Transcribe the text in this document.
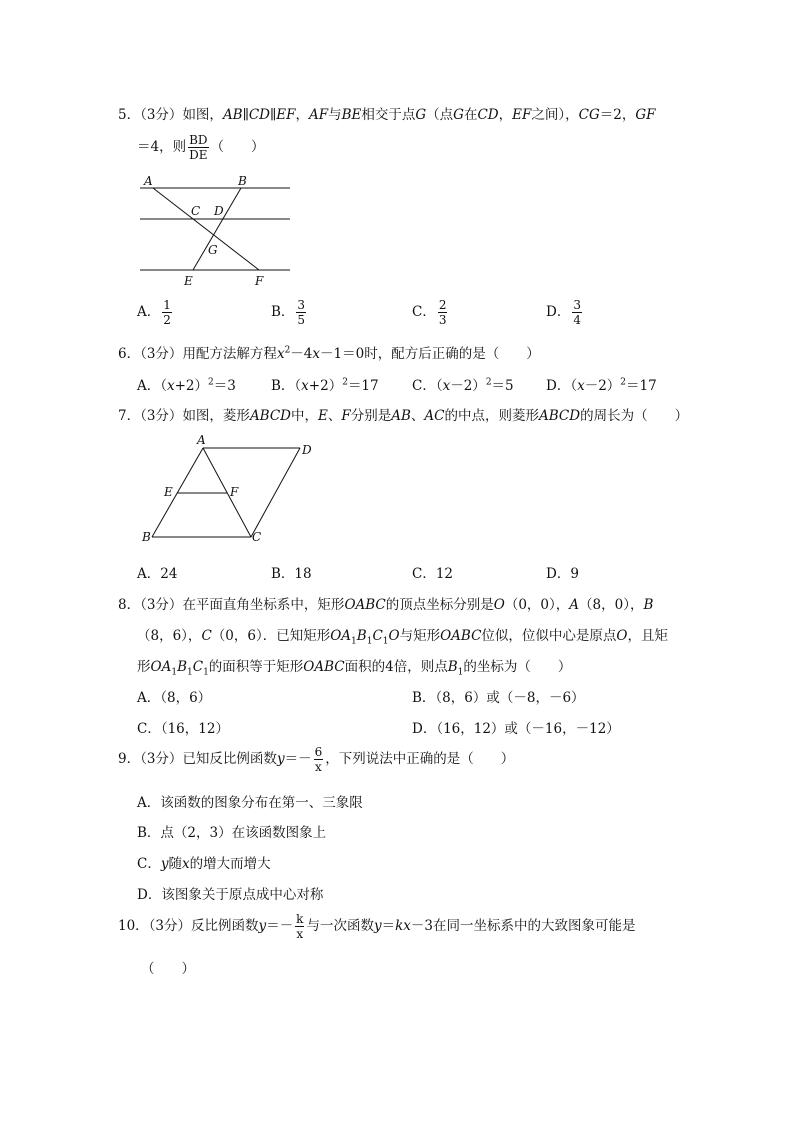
5．（3分）如图，AB∥CD∥EF，AF与BE相交于点G（点G在CD，EF之间），CG＝2，GF
＝4，则 $\frac{BD}{DE}$ （　　）
A	B
C D
G
E	F
A． $\frac{1}{2}$	B． $\frac{3}{5}$	C． $\frac{2}{3}$	D． $\frac{3}{4}$
6．（3分）用配方法解方程$x^2-4x-1=0$时，配方后正确的是（　　）
A．$(x+2)^2=3$	B．$(x+2)^2=17$ C．$(x-2)^2=5$ D．$(x-2)^2=17$
7．（3分）如图，菱形ABCD中，E、F分别是AB、AC的中点，则菱形ABCD的周长为（　　）
A
D
E	F
B	C
A．24	B．18	C．12	D．9
8．（3分）在平面直角坐标系中，矩形OABC的顶点坐标分别是O（0，0），A（8，0），B
（8，6），C（0，6）．已知矩形$OA_1B_1C_1O$与矩形OABC位似，位似中心是原点O，且矩
形$OA_1B_1C_1$的面积等于矩形OABC面积的4倍，则点$B_1$的坐标为（　　）
A．（8，6）	B．（8，6）或（－8，－6）
C．（16，12）	D．（16，12）或（－16，－12）
9．（3分）已知反比例函数$y=- \frac{6}{x}$ ，下列说法中正确的是（　　）
A．该函数的图象分布在第一、三象限
B．点（2，3）在该函数图象上
C．y随x的增大而增大
D．该图象关于原点成中心对称
10．（3分）反比例函数$y=- \frac{k}{x}$ 与一次函数y＝kx－3在同一坐标系中的大致图象可能是
（　　）
